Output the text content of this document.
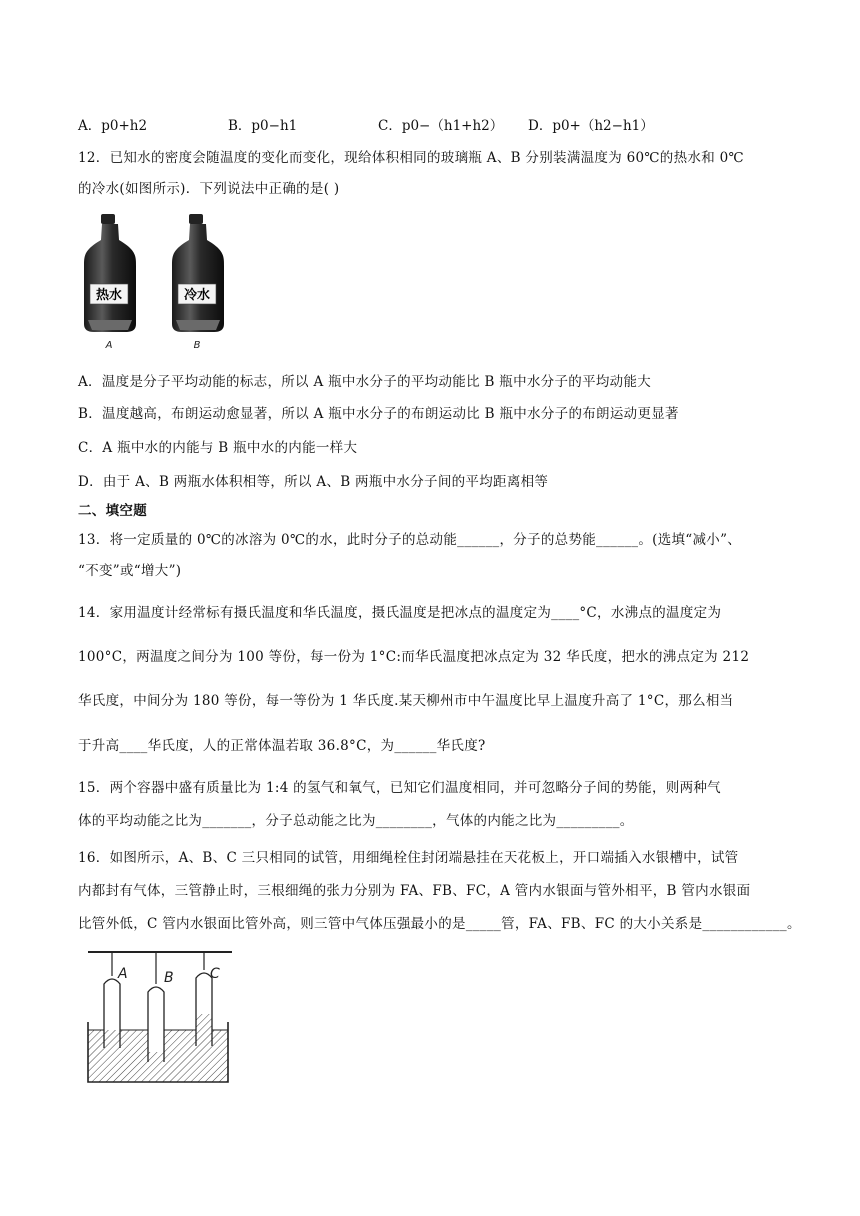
A．p0+h2	B．p0−h1	C．p0−（h1+h2） D．p0+（h2−h1）
12．已知水的密度会随温度的变化而变化，现给体积相同的玻璃瓶 A、B 分别装满温度为 60℃的热水和 0℃
的冷水(如图所示)．下列说法中正确的是( )
热水
A
冷水
B
A．温度是分子平均动能的标志，所以 A 瓶中水分子的平均动能比 B 瓶中水分子的平均动能大
B．温度越高，布朗运动愈显著，所以 A 瓶中水分子的布朗运动比 B 瓶中水分子的布朗运动更显著
C．A 瓶中水的内能与 B 瓶中水的内能一样大
D．由于 A、B 两瓶水体积相等，所以 A、B 两瓶中水分子间的平均距离相等
二、填空题
13．将一定质量的 0℃的冰溶为 0℃的水，此时分子的总动能______，分子的总势能______。(选填“减小”、
“不变”或“增大”)
14．家用温度计经常标有摄氏温度和华氏温度，摄氏温度是把冰点的温度定为____°C，水沸点的温度定为
100°C，两温度之间分为 100 等份，每一份为 1°C:而华氏温度把冰点定为 32 华氏度，把水的沸点定为 212
华氏度，中间分为 180 等份，每一等份为 1 华氏度.某天柳州市中午温度比早上温度升高了 1°C，那么相当
于升高____华氏度，人的正常体温若取 36.8°C，为______华氏度?
15．两个容器中盛有质量比为 1:4 的氢气和氧气，已知它们温度相同，并可忽略分子间的势能，则两种气
体的平均动能之比为_______，分子总动能之比为________，气体的内能之比为_________。
16．如图所示，A、B、C 三只相同的试管，用细绳栓住封闭端悬挂在天花板上，开口端插入水银槽中，试管
内都封有气体，三管静止时，三根细绳的张力分别为 FA、FB、FC，A 管内水银面与管外相平，B 管内水银面
比管外低，C 管内水银面比管外高，则三管中气体压强最小的是_____管，FA、FB、FC 的大小关系是____________。
A	B	C
